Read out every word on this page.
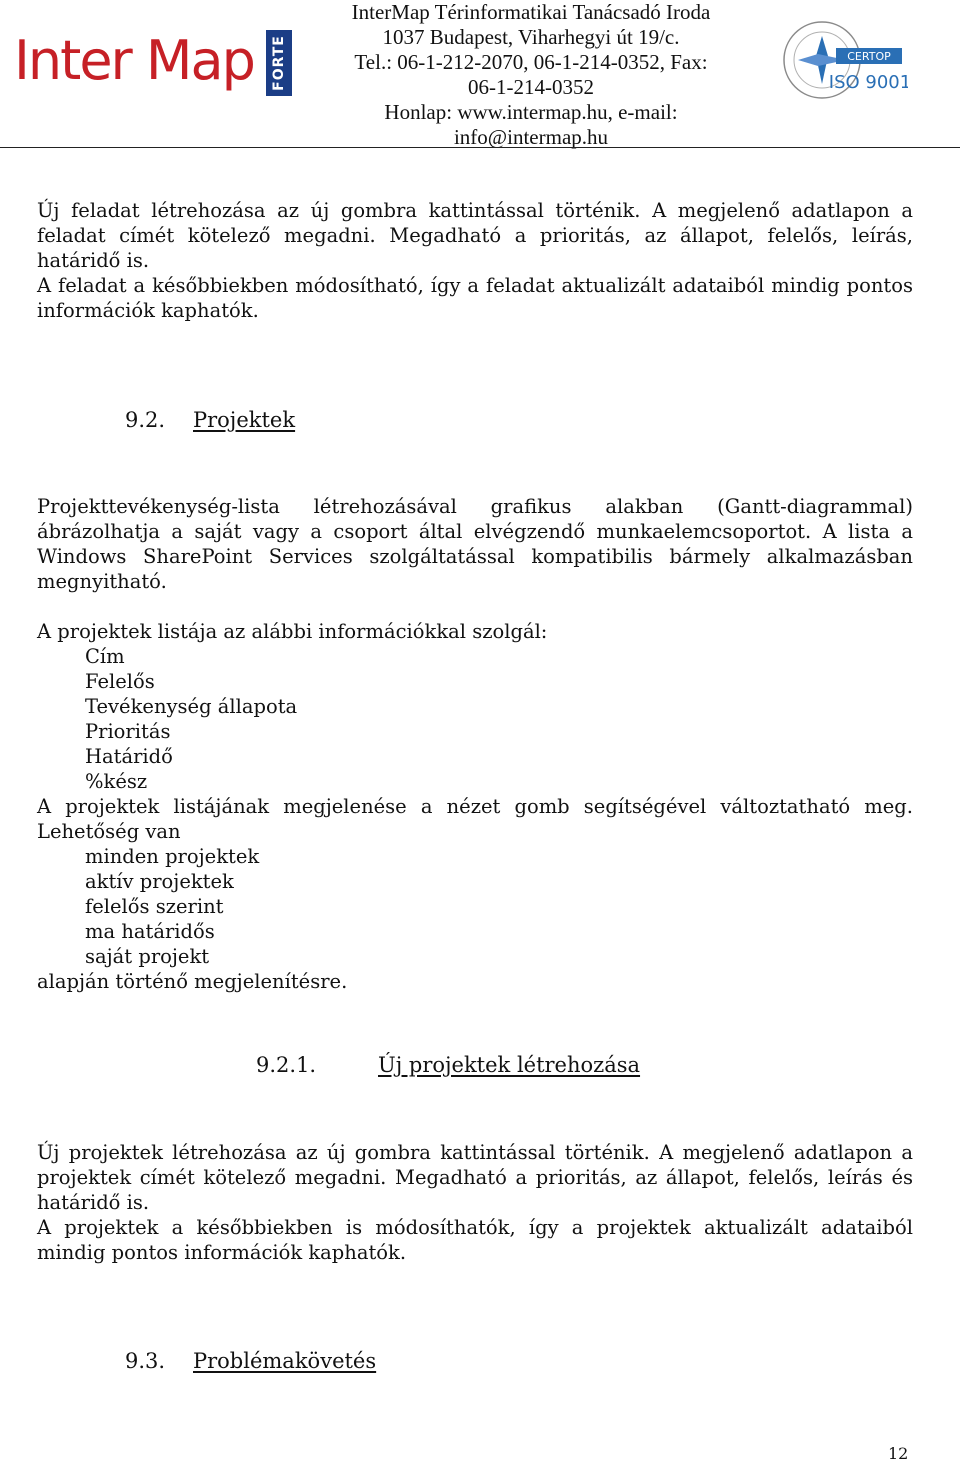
Inter Map FORTE
InterMap Térinformatikai Tanácsadó Iroda
1037 Budapest, Viharhegyi út 19/c.
Tel.: 06-1-212-2070, 06-1-214-0352, Fax:
06-1-214-0352
Honlap: www.intermap.hu, e-mail:
info@intermap.hu
CERTOP
ISO 9001

Új feladat létrehozása az új gombra kattintással történik. A megjelenő adatlapon a feladat címét kötelező megadni. Megadható a prioritás, az állapot, felelős, leírás, határidő is.

A feladat a későbbiekben módosítható, így a feladat aktualizált adataiból mindig pontos információk kaphatók.

9.2. Projektek

Projekttevékenység-lista létrehozásával grafikus alakban (Gantt-diagrammal) ábrázolhatja a saját vagy a csoport által elvégzendő munkaelemcsoportot. A lista a Windows SharePoint Services szolgáltatással kompatibilis bármely alkalmazásban megnyitható.

A projektek listája az alábbi információkkal szolgál:
Cím
Felelős
Tevékenység állapota
Prioritás
Határidő
%kész

A projektek listájának megjelenése a nézet gomb segítségével változtatható meg.

Lehetőség van
minden projektek
aktív projektek
felelős szerint
ma határidős
saját projekt
alapján történő megjelenítésre.
9.2.1.	Új projektek létrehozása

Új projektek létrehozása az új gombra kattintással történik. A megjelenő adatlapon a projektek címét kötelező megadni. Megadható a prioritás, az állapot, felelős, leírás és határidő is.

A projektek a későbbiekben is módosíthatók, így a projektek aktualizált adataiból mindig pontos információk kaphatók.

9.3. Problémakövetés
12
